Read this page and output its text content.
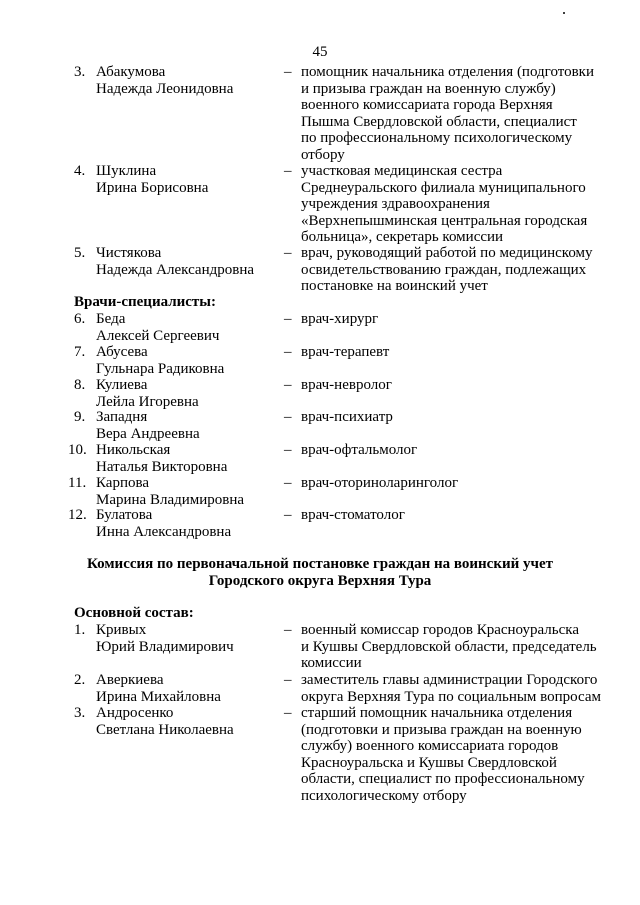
45
3. Абакумова
Надежда Леонидовна
– помощник начальника отделения (подготовки
и призыва граждан на военную службу)
военного комиссариата города Верхняя
Пышма Свердловской области, специалист
по профессиональному психологическому
отбору
4. Шуклина
Ирина Борисовна
– участковая медицинская сестра
Среднеуральского филиала муниципального
учреждения здравоохранения
«Верхнепышминская центральная городская
больница», секретарь комиссии
5. Чистякова
Надежда Александровна
– врач, руководящий работой по медицинскому
освидетельствованию граждан, подлежащих
постановке на воинский учет
Врачи-специалисты:
6. Беда
Алексей Сергеевич
– врач-хирург
7. Абусева
Гульнара Радиковна
– врач-терапевт
8. Кулиева
Лейла Игоревна
– врач-невролог
9. Западня
Вера Андреевна
– врач-психиатр
10. Никольская
Наталья Викторовна
– врач-офтальмолог
11. Карпова
Марина Владимировна
– врач-оториноларинголог
12. Булатова
Инна Александровна
– врач-стоматолог
Комиссия по первоначальной постановке граждан на воинский учет
Городского округа Верхняя Тура
Основной состав:
1. Кривых
Юрий Владимирович
– военный комиссар городов Красноуральска
и Кушвы Свердловской области, председатель
комиссии
2. Аверкиева
Ирина Михайловна
– заместитель главы администрации Городского
округа Верхняя Тура по социальным вопросам
3. Андросенко
Светлана Николаевна
– старший помощник начальника отделения
(подготовки и призыва граждан на военную
службу) военного комиссариата городов
Красноуральска и Кушвы Свердловской
области, специалист по профессиональному
психологическому отбору
